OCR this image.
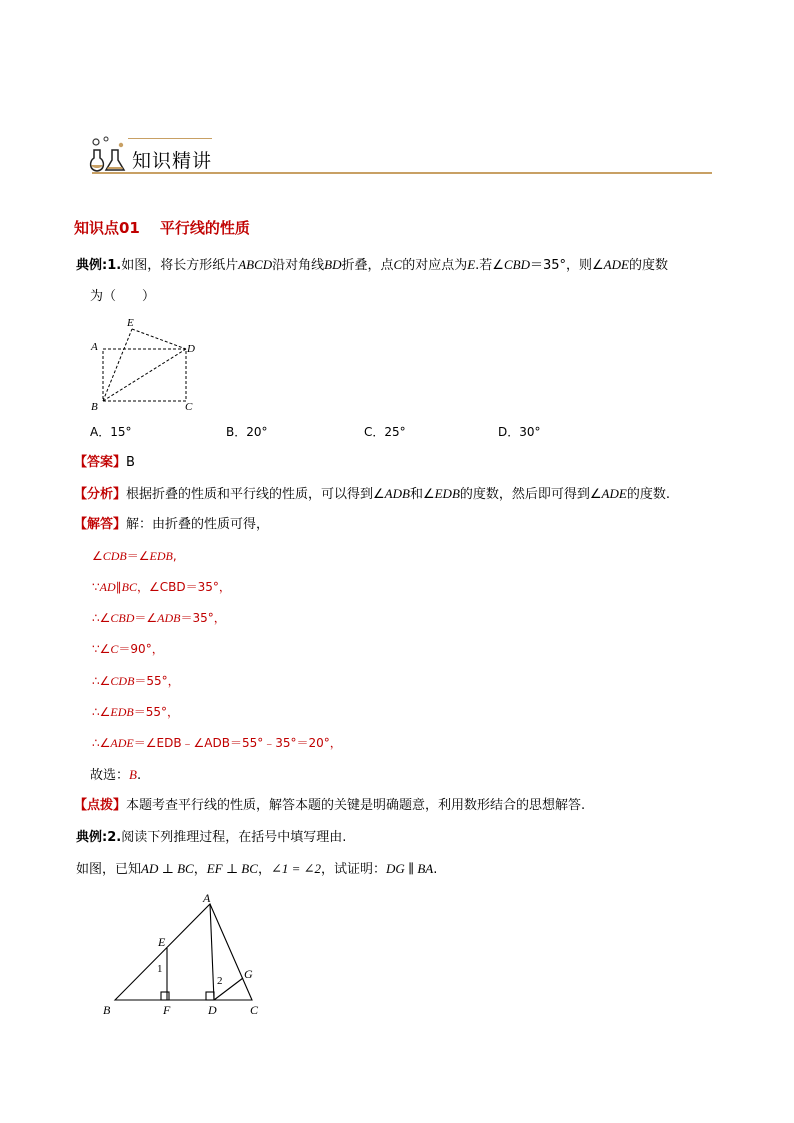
知识精讲
知识点01 平行线的性质
典例:1.如图，将长方形纸片ABCD沿对角线BD折叠，点C的对应点为E.若∠CBD＝35°，则∠ADE的度数
为（　　）
A
B	C
D
E
A．15°	B．20°	C．25°	D．30°
【答案】B
【分析】根据折叠的性质和平行线的性质，可以得到∠ADB和∠EDB的度数，然后即可得到∠ADE的度数.
【解答】解：由折叠的性质可得，
∠CDB＝∠EDB,
∵AD∥BC，∠CBD＝35°，
∴∠CBD＝∠ADB＝35°，
∵∠C＝90°，
∴∠CDB＝55°，
∴∠EDB＝55°，
∴∠ADE＝∠EDB﹣∠ADB＝55°﹣35°＝20°，
故选：B.
【点拨】本题考查平行线的性质，解答本题的关键是明确题意，利用数形结合的思想解答.
典例:2.阅读下列推理过程，在括号中填写理由.
如图，已知AD ⊥ BC，EF ⊥ BC，∠1 = ∠2，试证明：DG ∥ BA.
A
B	C
D
E
F
G
1
2
